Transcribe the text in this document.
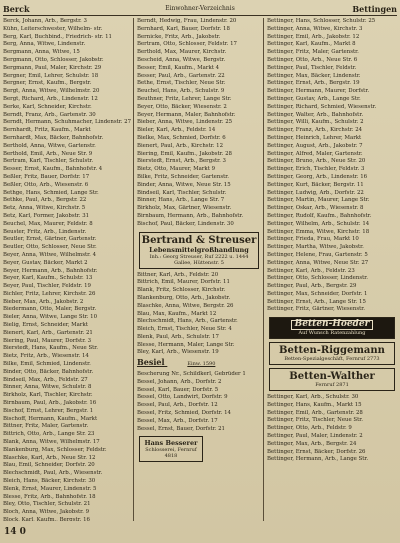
Berck	Einwohner-Verzeichnis	Bettingen
Berck, Johann, Arb., Bergstr. 3
Kühn, Leiterschwester, Wilhelm- str.
Berg, Karl, Buchbind., Friedrich- str. 11
Berg, Anna, Witwe, Lindenstr.
Bergmann, Anna, Witwe, 15
Bergmann, Otto, Schlosser, Jakobstr.
Bergmann, Paul, Maler, Kirchstr. 29
Bergner, Emil, Lehrer, Schulstr. 18
Bergner, Ernst, Kaufm., Bergstr.
Bergt, Anna, Witwe, Wilhelmstr. 20
Bergt, Richard, Arb., Lindenstr. 12
Berke, Karl, Schneider, Kirchstr.
Berndt, Franz, Arb., Gartenstr. 30
Berndt, Hermann, Schuhmacher, Lindenstr. 27
Bernhardt, Fritz, Kaufm., Markt
Bernhardt, Max, Bäcker, Bahnhofstr.
Berthold, Anna, Witwe, Gartenstr.
Berthold, Emil, Arb., Neue Str. 9
Bertram, Karl, Tischler, Schulstr.
Besser, Ernst, Kaufm., Bahnhofstr. 4
Beßler, Fritz, Bauer, Dorfstr. 17
Beßler, Otto, Arb., Wiesenstr. 6
Bethge, Hans, Schmied, Lange Str.
Bethke, Paul, Arb., Bergstr. 22
Betz, Anna, Witwe, Kirchstr. 5
Betz, Karl, Former, Jakobstr. 31
Beuchel, Max, Maurer, Feldstr. 8
Beuster, Fritz, Arb., Lindenstr.
Beutler, Ernst, Gärtner, Gartenstr.
Beutler, Otto, Schlosser, Neue Str.
Beyer, Anna, Witwe, Wilhelmstr. 4
Beyer, Gustav, Bäcker, Markt 2
Beyer, Hermann, Arb., Bahnhofstr.
Beyer, Karl, Kaufm., Schulstr. 13
Beyer, Paul, Tischler, Feldstr. 19
Bichler, Fritz, Lehrer, Kirchstr. 26
Bieber, Max, Arb., Jakobstr. 2
Biedermann, Otto, Maler, Bergstr.
Bieler, Anna, Witwe, Lange Str. 10
Bielig, Ernst, Schneider, Markt
Bienert, Karl, Arb., Gartenstr. 21
Biering, Paul, Maurer, Dorfstr. 3
Bierstedt, Hans, Kaufm., Neue Str.
Bietz, Fritz, Arb., Wiesenstr. 14
Bilke, Emil, Schmied, Lindenstr.
Binder, Otto, Bäcker, Bahnhofstr.
Bindseil, Max, Arb., Feldstr. 27
Binner, Anna, Witwe, Schulstr. 8
Birkholz, Karl, Tischler, Kirchstr.
Birnbaum, Paul, Arb., Jakobstr. 16
Bischof, Ernst, Lehrer, Bergstr. 1
Bischoff, Hermann, Kaufm., Markt
Bittner, Fritz, Maler, Gartenstr.
Bittrich, Otto, Arb., Lange Str. 23
Blank, Anna, Witwe, Wilhelmstr. 17
Blankenburg, Max, Schlosser, Feldstr.
Blaschke, Karl, Arb., Neue Str. 12
Blau, Emil, Schneider, Dorfstr. 20
Blechschmidt, Paul, Arb., Wiesenstr.
Bleich, Hans, Bäcker, Kirchstr. 30
Blenk, Ernst, Maurer, Lindenstr. 5
Blesse, Fritz, Arb., Bahnhofstr. 18
Bley, Otto, Tischler, Schulstr. 21
Bloch, Anna, Witwe, Jakobstr. 9
Block, Karl, Kaufm., Bergstr. 16
Berndt, Hedwig, Frau, Lindenstr. 20
Bernhard, Karl, Bauer, Dorfstr. 18
Bernicke, Fritz, Arb., Jakobstr.
Bertram, Otto, Schlosser, Feldstr. 17
Berthold, Max, Maurer, Kirchstr.
Bescheid, Anna, Witwe, Bergstr.
Besser, Emil, Kaufm., Markt 4
Besser, Paul, Arb., Gartenstr. 22
Bethe, Ernst, Tischler, Neue Str.
Beuchel, Hans, Arb., Schulstr. 9
Beuthner, Fritz, Lehrer, Lange Str.
Beyer, Otto, Bäcker, Wiesenstr. 2
Beyer, Hermann, Maler, Bahnhofstr.
Bieber, Anna, Witwe, Lindenstr. 25
Bieler, Karl, Arb., Feldstr. 14
Bielke, Max, Schmied, Dorfstr. 6
Bienert, Paul, Arb., Kirchstr. 12
Biering, Emil, Kaufm., Jakobstr. 28
Bierstedt, Ernst, Arb., Bergstr. 3
Bietz, Otto, Maurer, Markt 9
Bilke, Fritz, Schneider, Gartenstr.
Binder, Anna, Witwe, Neue Str. 15
Bindseil, Karl, Tischler, Schulstr.
Binner, Hans, Arb., Lange Str. 7
Birkholz, Max, Gärtner, Wiesenstr.
Birnbaum, Hermann, Arb., Bahnhofstr.
Bischof, Paul, Bäcker, Lindenstr. 30
Bertrand & Streuser
Lebensmittelgroßhandlung
Inh.: Georg Streuser, Ruf 2222 u. 1444
Gallee, Hüttenstr. 5
Bittner, Karl, Arb., Feldstr. 20
Bittrich, Emil, Maurer, Dorfstr. 11
Blank, Fritz, Schlosser, Kirchstr.
Blankenburg, Otto, Arb., Jakobstr.
Blaschke, Anna, Witwe, Bergstr. 26
Blau, Max, Kaufm., Markt 12
Blechschmidt, Hans, Arb., Gartenstr.
Bleich, Ernst, Tischler, Neue Str. 4
Blenk, Paul, Arb., Schulstr. 17
Blesse, Hermann, Maler, Lange Str.
Bley, Karl, Arb., Wiesenstr. 19
Besiel	Einw. 1590
Bescherung Nr., Schildkerl, Gebrüder 1
Bessel, Johann, Arb., Dorfstr. 2
Bessel, Karl, Bauer, Dorfstr. 5
Bessel, Otto, Landwirt, Dorfstr. 9
Bessel, Paul, Arb., Dorfstr. 12
Bessel, Fritz, Schmied, Dorfstr. 14
Bessel, Max, Arb., Dorfstr. 17
Bessel, Ernst, Bauer, Dorfstr. 21
Hans Besserer
Schlosserei, Fernruf 4818
Bettinger, Hans, Schlosser, Schulstr. 25
Bettinger, Anna, Witwe, Kirchstr. 3
Bettinger, Emil, Arb., Jakobstr. 12
Bettinger, Karl, Kaufm., Markt 8
Bettinger, Fritz, Maler, Gartenstr.
Bettinger, Otto, Arb., Neue Str. 6
Bettinger, Paul, Tischler, Feldstr.
Bettinger, Max, Bäcker, Lindenstr.
Bettinger, Ernst, Arb., Bergstr. 19
Bettinger, Hermann, Maurer, Dorfstr.
Bettinger, Gustav, Arb., Lange Str.
Bettinger, Richard, Schmied, Wiesenstr.
Bettinger, Walter, Arb., Bahnhofstr.
Bettinger, Willi, Kaufm., Schulstr. 2
Bettinger, Franz, Arb., Kirchstr. 24
Bettinger, Heinrich, Lehrer, Markt
Bettinger, August, Arb., Jakobstr. 7
Bettinger, Alfred, Maler, Gartenstr.
Bettinger, Bruno, Arb., Neue Str. 20
Bettinger, Erich, Tischler, Feldstr. 3
Bettinger, Georg, Arb., Lindenstr. 16
Bettinger, Kurt, Bäcker, Bergstr. 11
Bettinger, Ludwig, Arb., Dorfstr. 22
Bettinger, Martin, Maurer, Lange Str.
Bettinger, Oskar, Arb., Wiesenstr. 8
Bettinger, Rudolf, Kaufm., Bahnhofstr.
Bettinger, Wilhelm, Arb., Schulstr. 14
Bettinger, Emma, Witwe, Kirchstr. 18
Bettinger, Frieda, Frau, Markt 10
Bettinger, Martha, Witwe, Jakobstr.
Bettinger, Helene, Frau, Gartenstr. 5
Bettinger, Anna, Witwe, Neue Str. 27
Bettinger, Karl, Arb., Feldstr. 23
Bettinger, Otto, Schlosser, Lindenstr.
Bettinger, Paul, Arb., Bergstr. 29
Bettinger, Max, Schneider, Dorfstr. 1
Bettinger, Ernst, Arb., Lange Str. 15
Bettinger, Fritz, Gärtner, Wiesenstr.
Betten-Hoeder
Auf Wunsch Ratenzahlung
Betten-Riggemann
Betten-Spezialgeschäft, Fernruf 2773
Betten-Walther
Fernruf 2871
Bettinger, Karl, Arb., Schulstr. 30
Bettinger, Hans, Kaufm., Markt 15
Bettinger, Emil, Arb., Gartenstr. 28
Bettinger, Fritz, Tischler, Neue Str.
Bettinger, Otto, Arb., Feldstr. 9
Bettinger, Paul, Maler, Lindenstr. 2
Bettinger, Max, Arb., Bergstr. 24
Bettinger, Ernst, Bäcker, Dorfstr. 26
Bettinger, Hermann, Arb., Lange Str.
14 0
